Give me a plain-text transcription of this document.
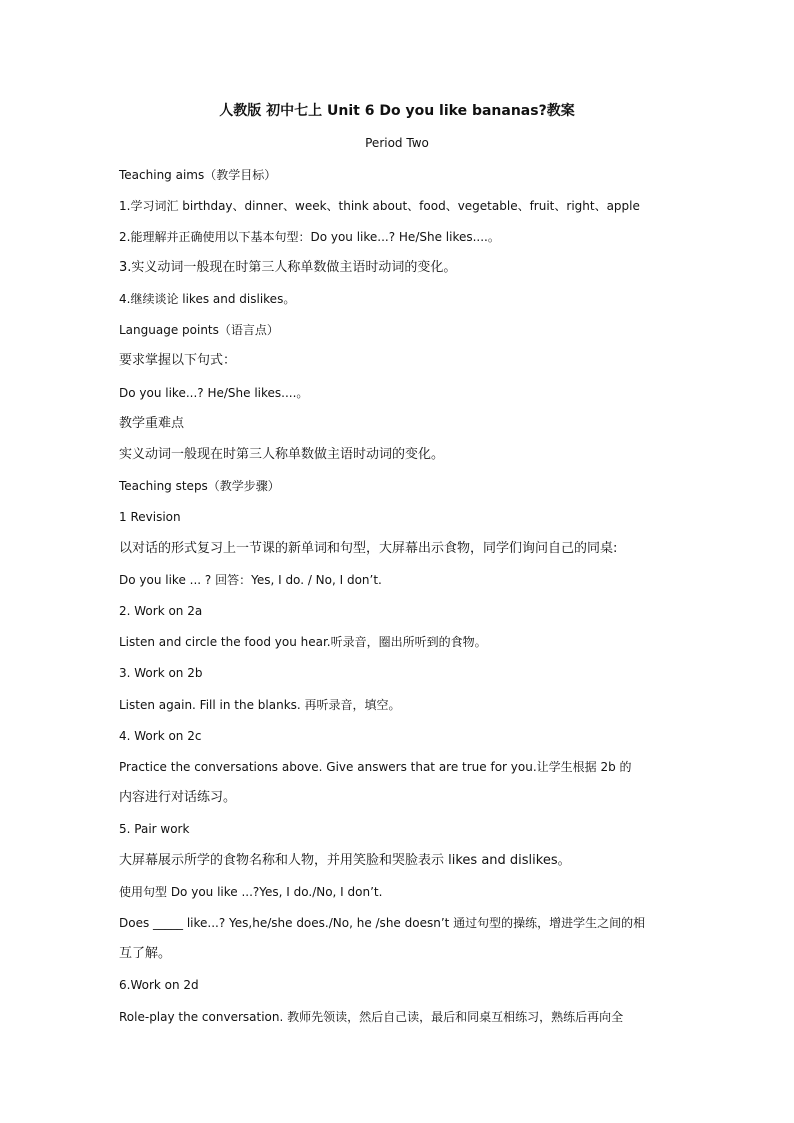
人教版 初中七上 Unit 6 Do you like bananas?教案
Period Two
Teaching aims（教学目标）
1.学习词汇 birthday、dinner、week、think about、food、vegetable、fruit、right、apple
2.能理解并正确使用以下基本句型：Do you like...? He/She likes....。
3.实义动词一般现在时第三人称单数做主语时动词的变化。
4.继续谈论 likes and dislikes。
Language points（语言点）
要求掌握以下句式：
Do you like...? He/She likes....。
教学重难点
实义动词一般现在时第三人称单数做主语时动词的变化。
Teaching steps（教学步骤）
1 Revision
以对话的形式复习上一节课的新单词和句型，大屏幕出示食物，同学们询问自己的同桌:
Do you like ... ? 回答：Yes, I do. / No, I don’t.
2. Work on 2a
Listen and circle the food you hear.听录音，圈出所听到的食物。
3. Work on 2b
Listen again. Fill in the blanks. 再听录音，填空。
4. Work on 2c
Practice the conversations above. Give answers that are true for you.让学生根据 2b 的
内容进行对话练习。
5. Pair work
大屏幕展示所学的食物名称和人物，并用笑脸和哭脸表示 likes and dislikes。
使用句型 Do you like ...?Yes, I do./No, I don’t.
Does _____ like...? Yes,he/she does./No, he /she doesn’t 通过句型的操练，增进学生之间的相
互了解。
6.Work on 2d
Role-play the conversation. 教师先领读，然后自己读，最后和同桌互相练习，熟练后再向全
